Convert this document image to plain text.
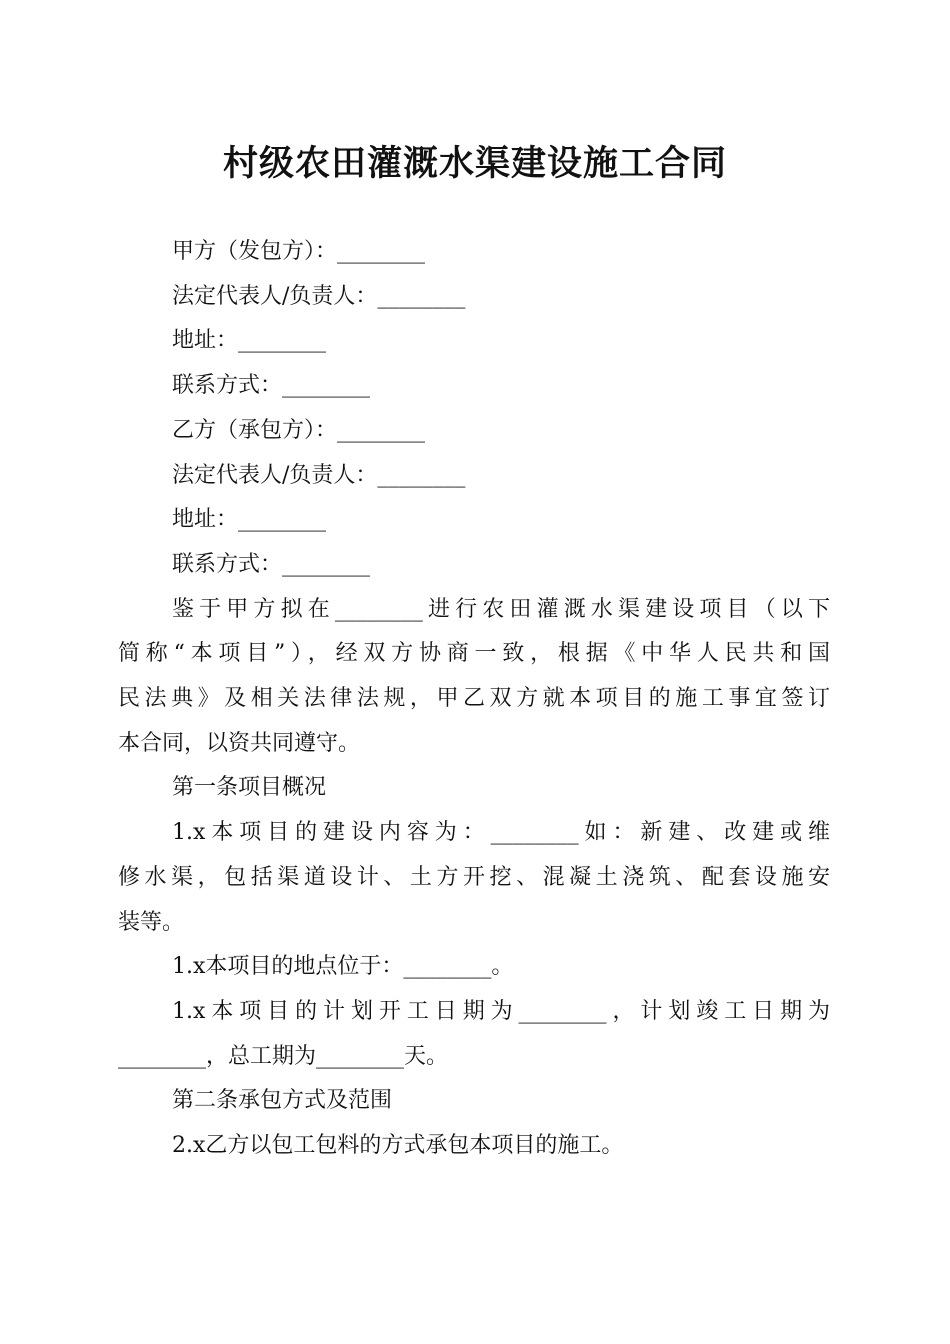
村级农田灌溉水渠建设施工合同
甲方（发包方）：________
法定代表人/负责人：________
地址：________
联系方式：________
乙方（承包方）：________
法定代表人/负责人：________
地址：________
联系方式：________
鉴于甲方拟在________进行农田灌溉水渠建设项目（以下
简称“本项目”），经双方协商一致，根据《中华人民共和国
民法典》及相关法律法规，甲乙双方就本项目的施工事宜签订
本合同，以资共同遵守。
第一条项目概况
1.x本项目的建设内容为：________如：新建、改建或维
修水渠，包括渠道设计、土方开挖、混凝土浇筑、配套设施安
装等。
1.x本项目的地点位于：________。
1.x本项目的计划开工日期为________，计划竣工日期为
________，总工期为________天。
第二条承包方式及范围
2.x乙方以包工包料的方式承包本项目的施工。
